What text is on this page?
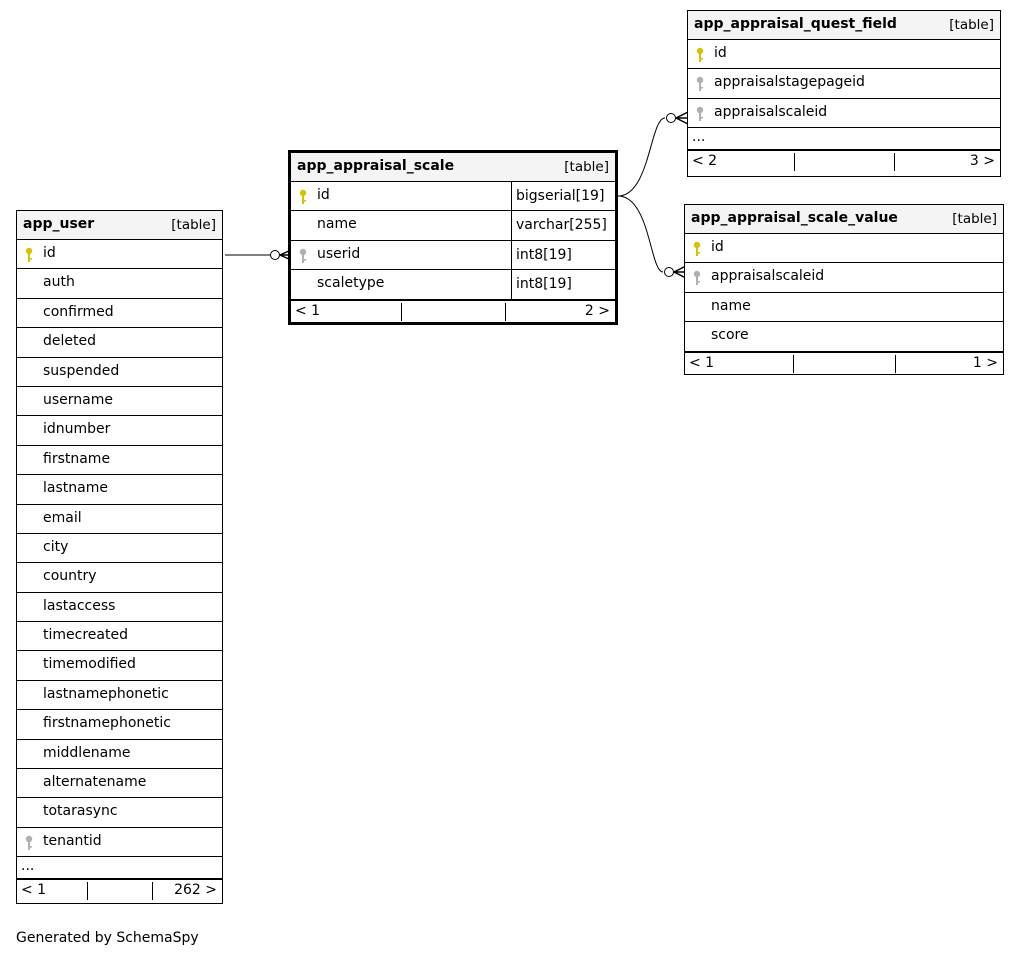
app_user	[table]
id
auth
confirmed
deleted
suspended
username
idnumber
firstname
lastname
email
city
country
lastaccess
timecreated
timemodified
lastnamephonetic
firstnamephonetic
middlename
alternatename
totarasync
tenantid
...
< 1	262 >
app_appraisal_scale	[table]
id	bigserial[19]
name	varchar[255]
userid	int8[19]
scaletype	int8[19]
< 1	2 >
app_appraisal_quest_field	[table]
id
appraisalstagepageid
appraisalscaleid
...
< 2	3 >
app_appraisal_scale_value	[table]
id
appraisalscaleid
name
score
< 1	1 >
Generated by SchemaSpy
